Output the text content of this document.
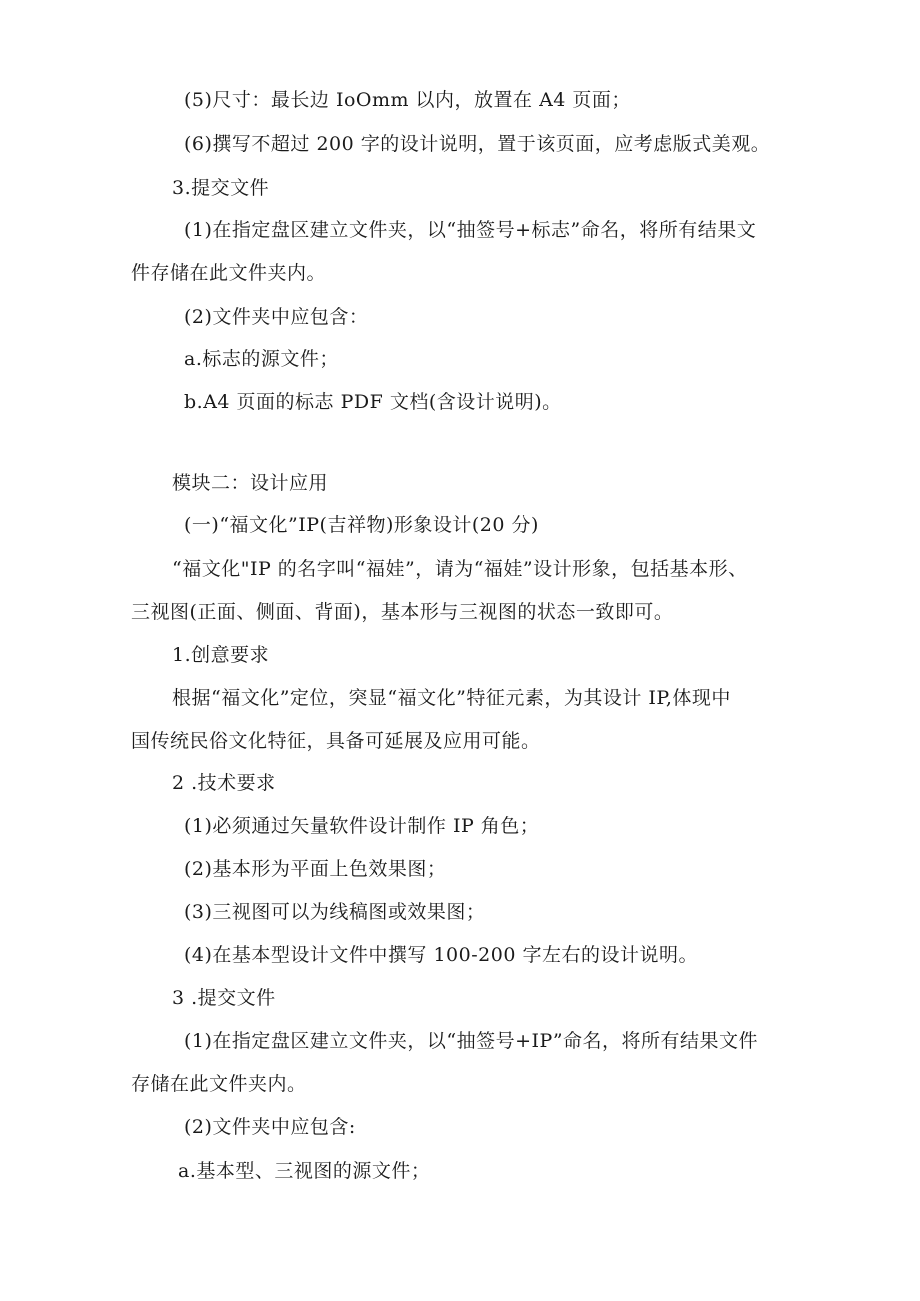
(5)尺寸：最长边 IoOmm 以内，放置在 A4 页面；
(6)撰写不超过 200 字的设计说明，置于该页面，应考虑版式美观。
3.提交文件
(1)在指定盘区建立文件夹，以“抽签号+标志”命名，将所有结果文
件存储在此文件夹内。
(2)文件夹中应包含：
a.标志的源文件；
b.A4 页面的标志 PDF 文档(含设计说明)。
模块二：设计应用
(一)“福文化”IP(吉祥物)形象设计(20 分)
“福文化"IP 的名字叫“福娃”，请为“福娃”设计形象，包括基本形、
三视图(正面、侧面、背面)，基本形与三视图的状态一致即可。
1.创意要求
根据“福文化”定位，突显“福文化”特征元素，为其设计 IP,体现中
国传统民俗文化特征，具备可延展及应用可能。
2 .技术要求
(1)必须通过矢量软件设计制作 IP 角色；
(2)基本形为平面上色效果图；
(3)三视图可以为线稿图或效果图；
(4)在基本型设计文件中撰写 100-200 字左右的设计说明。
3 .提交文件
(1)在指定盘区建立文件夹，以“抽签号+IP”命名，将所有结果文件
存储在此文件夹内。
(2)文件夹中应包含:
a.基本型、三视图的源文件；
